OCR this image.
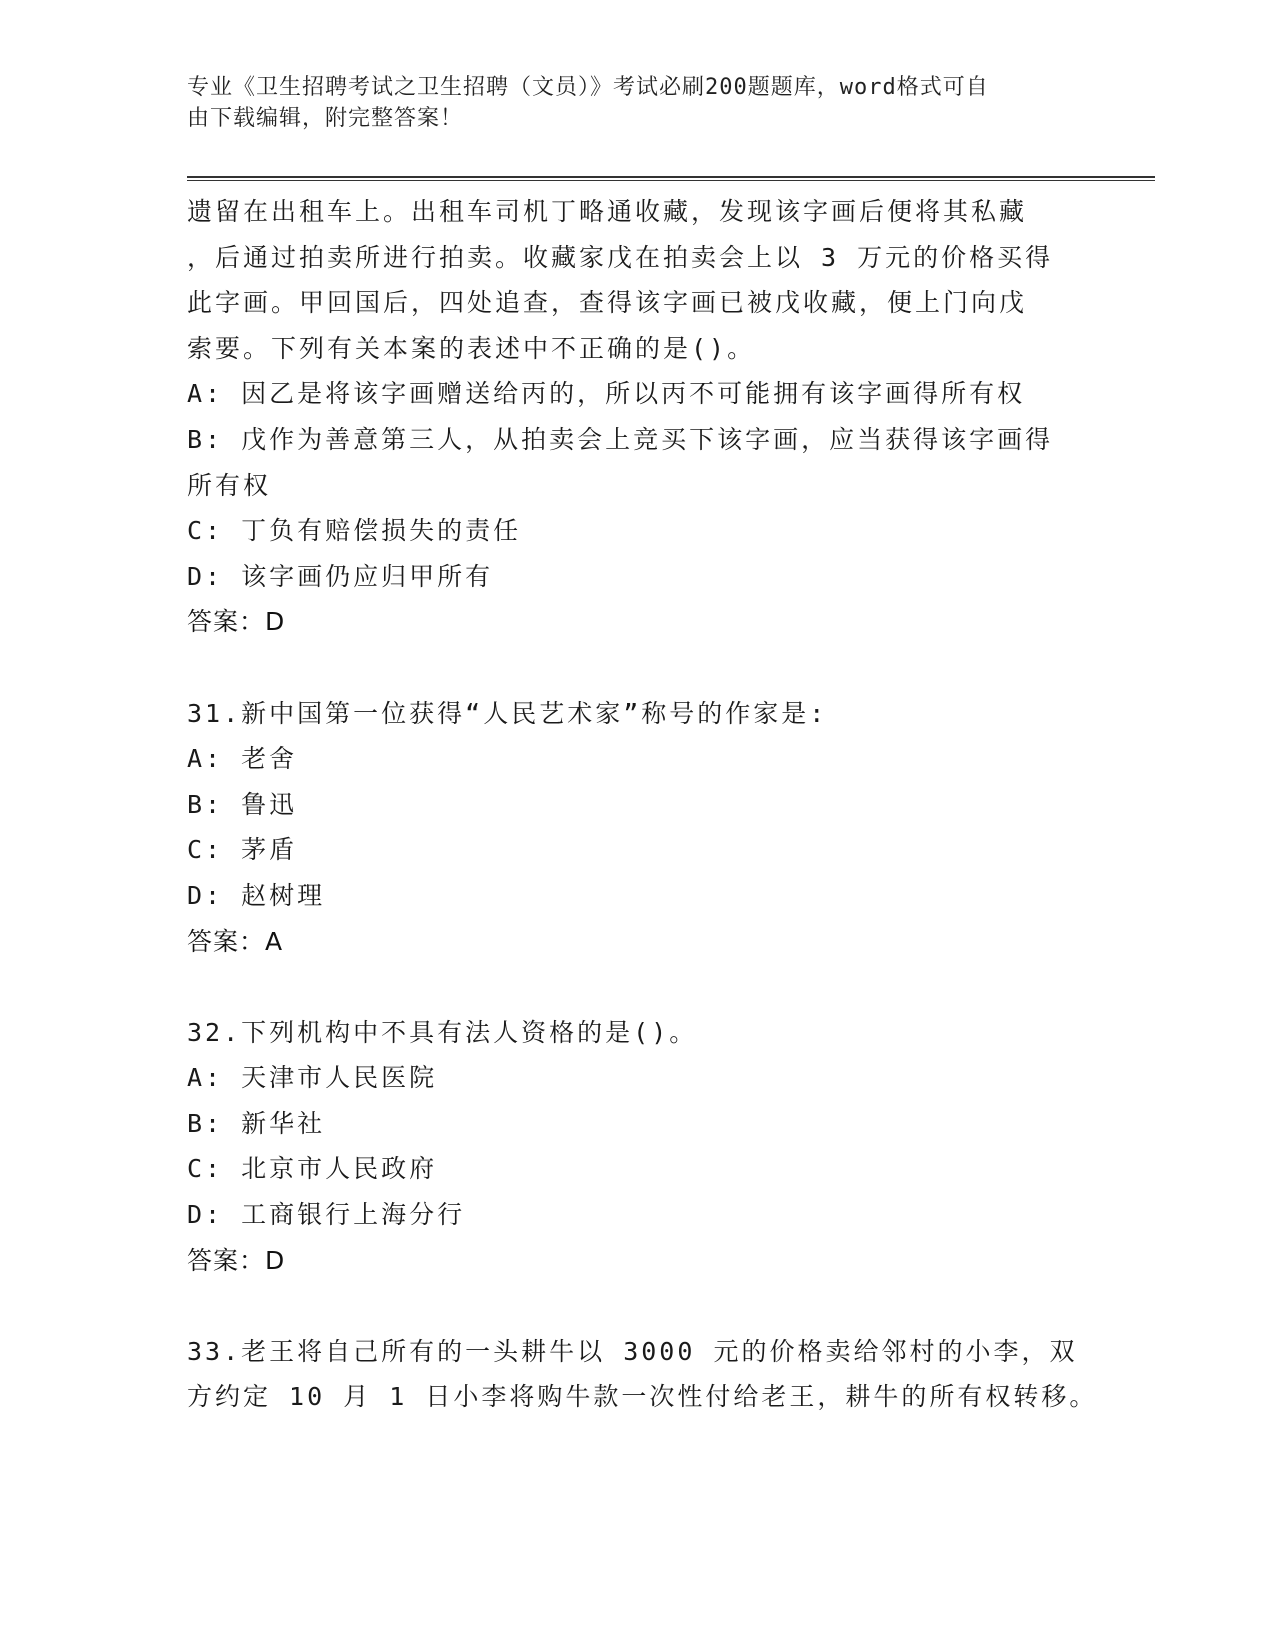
专业《卫生招聘考试之卫生招聘（文员）》考试必刷200题题库，word格式可自
由下载编辑，附完整答案！
遗留在出租车上。出租车司机丁略通收藏，发现该字画后便将其私藏
，后通过拍卖所进行拍卖。收藏家戊在拍卖会上以 3 万元的价格买得
此字画。甲回国后，四处追查，查得该字画已被戊收藏，便上门向戊
索要。下列有关本案的表述中不正确的是()。
A: 因乙是将该字画赠送给丙的，所以丙不可能拥有该字画得所有权
B: 戊作为善意第三人，从拍卖会上竞买下该字画，应当获得该字画得
所有权
C: 丁负有赔偿损失的责任
D: 该字画仍应归甲所有
答案：D
31.新中国第一位获得“人民艺术家”称号的作家是:
A: 老舍
B: 鲁迅
C: 茅盾
D: 赵树理
答案：A
32.下列机构中不具有法人资格的是()。
A: 天津市人民医院
B: 新华社
C: 北京市人民政府
D: 工商银行上海分行
答案：D
33.老王将自己所有的一头耕牛以 3000 元的价格卖给邻村的小李，双
方约定 10 月 1 日小李将购牛款一次性付给老王，耕牛的所有权转移。
